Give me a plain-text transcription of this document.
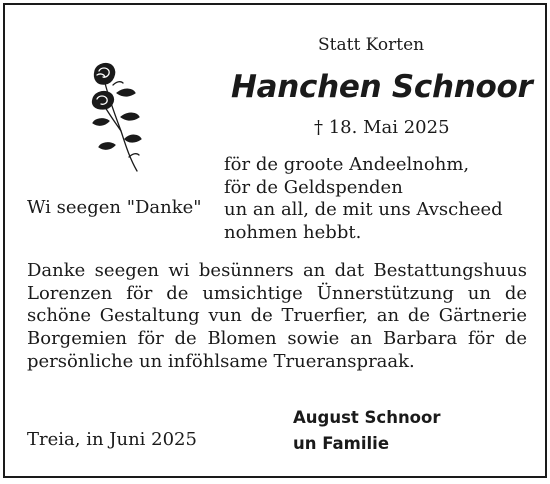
Statt Korten
Hanchen Schnoor
† 18. Mai 2025
Wi seegen "Danke"
för de groote Andeelnohm,
för de Geldspenden
un an all, de mit uns Avscheed
nohmen hebbt.
Danke seegen wi besünners an dat Bestattungshuus
Lorenzen för de umsichtige Ünnerstützung un de
schöne Gestaltung vun de Truerfier, an de Gärtnerie
Borgemien för de Blomen sowie an Barbara för de
persönliche un inföhlsame Trueranspraak.
Treia, in Juni 2025
August Schnoor
un Familie
